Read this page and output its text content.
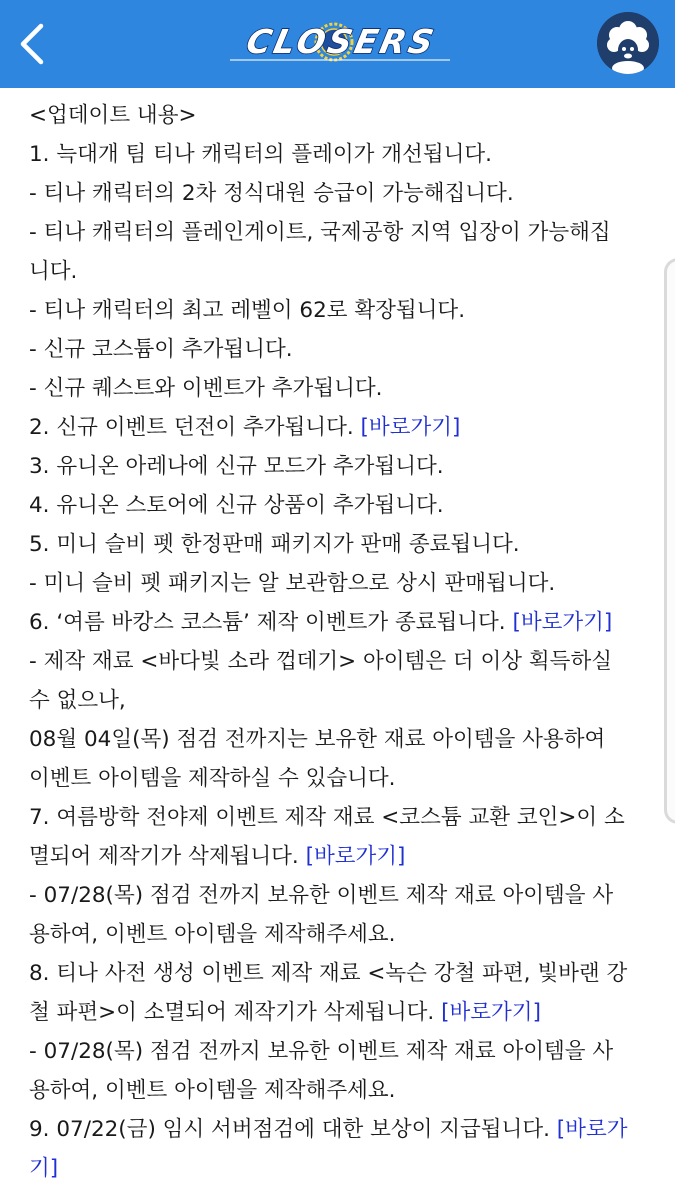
CLOSERS
<업데이트 내용>
1. 늑대개 팀 티나 캐릭터의 플레이가 개선됩니다.
- 티나 캐릭터의 2차 정식대원 승급이 가능해집니다.
- 티나 캐릭터의 플레인게이트, 국제공항 지역 입장이 가능해집
니다.
- 티나 캐릭터의 최고 레벨이 62로 확장됩니다.
- 신규 코스튬이 추가됩니다.
- 신규 퀘스트와 이벤트가 추가됩니다.
2. 신규 이벤트 던전이 추가됩니다. [바로가기]
3. 유니온 아레나에 신규 모드가 추가됩니다.
4. 유니온 스토어에 신규 상품이 추가됩니다.
5. 미니 슬비 펫 한정판매 패키지가 판매 종료됩니다.
- 미니 슬비 펫 패키지는 알 보관함으로 상시 판매됩니다.
6. ‘여름 바캉스 코스튬’ 제작 이벤트가 종료됩니다. [바로가기]
- 제작 재료 <바다빛 소라 껍데기> 아이템은 더 이상 획득하실
수 없으나,
08월 04일(목) 점검 전까지는 보유한 재료 아이템을 사용하여
이벤트 아이템을 제작하실 수 있습니다.
7. 여름방학 전야제 이벤트 제작 재료 <코스튬 교환 코인>이 소
멸되어 제작기가 삭제됩니다. [바로가기]
- 07/28(목) 점검 전까지 보유한 이벤트 제작 재료 아이템을 사
용하여, 이벤트 아이템을 제작해주세요.
8. 티나 사전 생성 이벤트 제작 재료 <녹슨 강철 파편, 빛바랜 강
철 파편>이 소멸되어 제작기가 삭제됩니다. [바로가기]
- 07/28(목) 점검 전까지 보유한 이벤트 제작 재료 아이템을 사
용하여, 이벤트 아이템을 제작해주세요.
9. 07/22(금) 임시 서버점검에 대한 보상이 지급됩니다. [바로가
기]
